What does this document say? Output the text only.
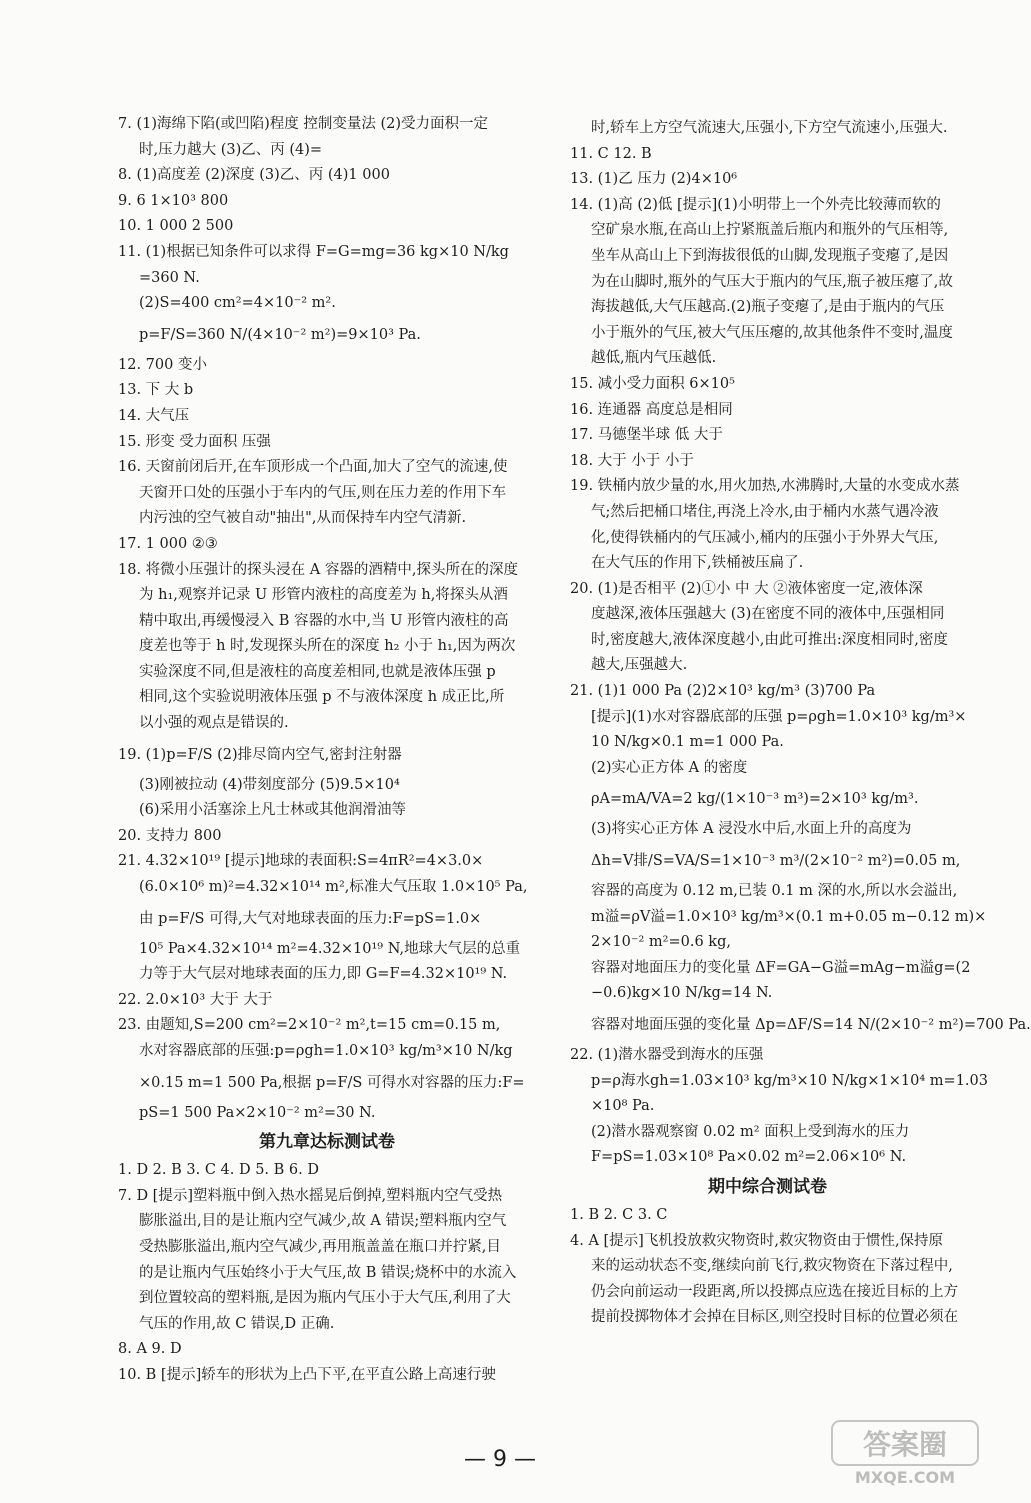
7. (1)海绵下陷(或凹陷)程度 控制变量法 (2)受力面积一定
时,压力越大 (3)乙、丙 (4)=
8. (1)高度差 (2)深度 (3)乙、丙 (4)1 000
9. 6 1×10³ 800
10. 1 000 2 500
11. (1)根据已知条件可以求得 F=G=mg=36 kg×10 N/kg
=360 N.
(2)S=400 cm²=4×10⁻² m².
p=F/S=360 N/(4×10⁻² m²)=9×10³ Pa.
12. 700 变小
13. 下 大 b
14. 大气压
15. 形变 受力面积 压强
16. 天窗前闭后开,在车顶形成一个凸面,加大了空气的流速,使
天窗开口处的压强小于车内的气压,则在压力差的作用下车
内污浊的空气被自动"抽出",从而保持车内空气清新.
17. 1 000 ②③
18. 将微小压强计的探头浸在 A 容器的酒精中,探头所在的深度
为 h₁,观察并记录 U 形管内液柱的高度差为 h,将探头从酒
精中取出,再缓慢浸入 B 容器的水中,当 U 形管内液柱的高
度差也等于 h 时,发现探头所在的深度 h₂ 小于 h₁,因为两次
实验深度不同,但是液柱的高度差相同,也就是液体压强 p
相同,这个实验说明液体压强 p 不与液体深度 h 成正比,所
以小强的观点是错误的.
19. (1)p=F/S (2)排尽筒内空气,密封注射器
(3)刚被拉动 (4)带刻度部分 (5)9.5×10⁴
(6)采用小活塞涂上凡士林或其他润滑油等
20. 支持力 800
21. 4.32×10¹⁹ [提示]地球的表面积:S=4πR²=4×3.0×
(6.0×10⁶ m)²=4.32×10¹⁴ m²,标准大气压取 1.0×10⁵ Pa,
由 p=F/S 可得,大气对地球表面的压力:F=pS=1.0×
10⁵ Pa×4.32×10¹⁴ m²=4.32×10¹⁹ N,地球大气层的总重
力等于大气层对地球表面的压力,即 G=F=4.32×10¹⁹ N.
22. 2.0×10³ 大于 大于
23. 由题知,S=200 cm²=2×10⁻² m²,t=15 cm=0.15 m,
水对容器底部的压强:p=ρgh=1.0×10³ kg/m³×10 N/kg
×0.15 m=1 500 Pa,根据 p=F/S 可得水对容器的压力:F=
pS=1 500 Pa×2×10⁻² m²=30 N.
第九章达标测试卷
1. D 2. B 3. C 4. D 5. B 6. D
7. D [提示]塑料瓶中倒入热水摇晃后倒掉,塑料瓶内空气受热
膨胀溢出,目的是让瓶内空气减少,故 A 错误;塑料瓶内空气
受热膨胀溢出,瓶内空气减少,再用瓶盖盖在瓶口并拧紧,目
的是让瓶内气压始终小于大气压,故 B 错误;烧杯中的水流入
到位置较高的塑料瓶,是因为瓶内气压小于大气压,利用了大
气压的作用,故 C 错误,D 正确.
8. A 9. D
10. B [提示]轿车的形状为上凸下平,在平直公路上高速行驶
时,轿车上方空气流速大,压强小,下方空气流速小,压强大.
11. C 12. B
13. (1)乙 压力 (2)4×10⁶
14. (1)高 (2)低 [提示](1)小明带上一个外壳比较薄而软的
空矿泉水瓶,在高山上拧紧瓶盖后瓶内和瓶外的气压相等,
坐车从高山上下到海拔很低的山脚,发现瓶子变瘪了,是因
为在山脚时,瓶外的气压大于瓶内的气压,瓶子被压瘪了,故
海拔越低,大气压越高.(2)瓶子变瘪了,是由于瓶内的气压
小于瓶外的气压,被大气压压瘪的,故其他条件不变时,温度
越低,瓶内气压越低.
15. 减小受力面积 6×10⁵
16. 连通器 高度总是相同
17. 马德堡半球 低 大于
18. 大于 小于 小于
19. 铁桶内放少量的水,用火加热,水沸腾时,大量的水变成水蒸
气;然后把桶口堵住,再浇上冷水,由于桶内水蒸气遇冷液
化,使得铁桶内的气压减小,桶内的压强小于外界大气压,
在大气压的作用下,铁桶被压扁了.
20. (1)是否相平 (2)①小 中 大 ②液体密度一定,液体深
度越深,液体压强越大 (3)在密度不同的液体中,压强相同
时,密度越大,液体深度越小,由此可推出:深度相同时,密度
越大,压强越大.
21. (1)1 000 Pa (2)2×10³ kg/m³ (3)700 Pa
[提示](1)水对容器底部的压强 p=ρgh=1.0×10³ kg/m³×
10 N/kg×0.1 m=1 000 Pa.
(2)实心正方体 A 的密度
ρA=mA/VA=2 kg/(1×10⁻³ m³)=2×10³ kg/m³.
(3)将实心正方体 A 浸没水中后,水面上升的高度为
Δh=V排/S=VA/S=1×10⁻³ m³/(2×10⁻² m²)=0.05 m,
容器的高度为 0.12 m,已装 0.1 m 深的水,所以水会溢出,
m溢=ρV溢=1.0×10³ kg/m³×(0.1 m+0.05 m−0.12 m)×
2×10⁻² m²=0.6 kg,
容器对地面压力的变化量 ΔF=GA−G溢=mAg−m溢g=(2
−0.6)kg×10 N/kg=14 N.
容器对地面压强的变化量 Δp=ΔF/S=14 N/(2×10⁻² m²)=700 Pa.
22. (1)潜水器受到海水的压强
p=ρ海水gh=1.03×10³ kg/m³×10 N/kg×1×10⁴ m=1.03
×10⁸ Pa.
(2)潜水器观察窗 0.02 m² 面积上受到海水的压力
F=pS=1.03×10⁸ Pa×0.02 m²=2.06×10⁶ N.
期中综合测试卷
1. B 2. C 3. C
4. A [提示]飞机投放救灾物资时,救灾物资由于惯性,保持原
来的运动状态不变,继续向前飞行,救灾物资在下落过程中,
仍会向前运动一段距离,所以投掷点应选在接近目标的上方
提前投掷物体才会掉在目标区,则空投时目标的位置必须在
— 9 —	答案圈
MXQE.COM
